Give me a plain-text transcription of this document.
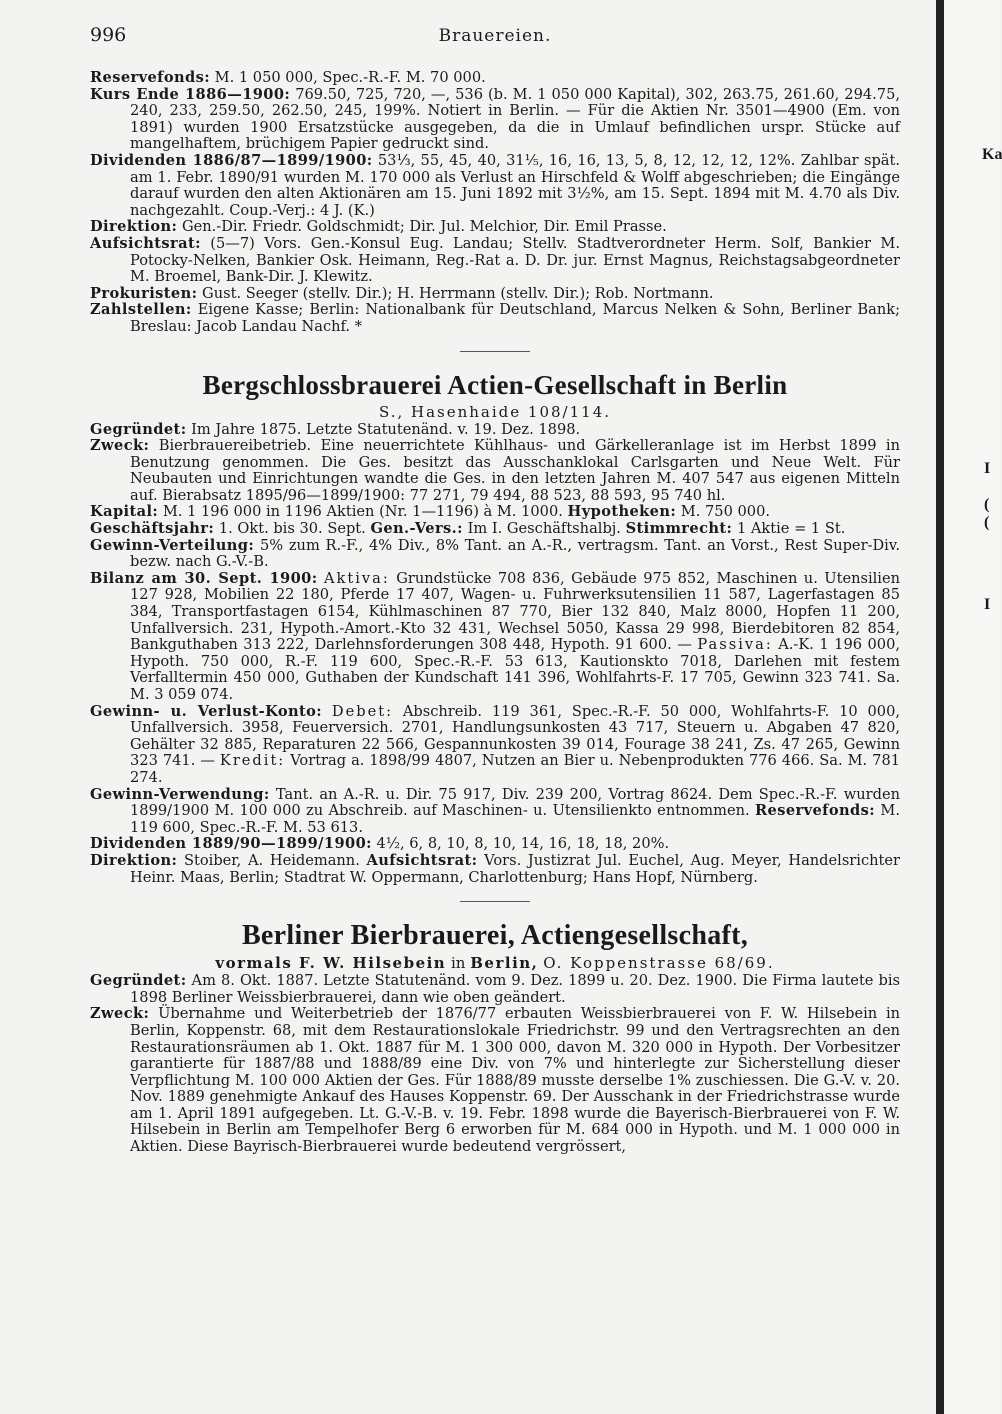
996	Brauereien.
Ka
I
(
(
I

Reservefonds: M. 1 050 000, Spec.-R.-F. M. 70 000.

Kurs Ende 1886—1900: 769.50, 725, 720, —, 536 (b. M. 1 050 000 Kapital), 302, 263.75, 261.60, 294.75, 240, 233, 259.50, 262.50, 245, 199%. Notiert in Berlin. — Für die Aktien Nr. 3501—4900 (Em. von 1891) wurden 1900 Ersatzstücke ausgegeben, da die in Umlauf befindlichen urspr. Stücke auf mangelhaftem, brüchigem Papier gedruckt sind.

Dividenden 1886/87—1899/1900: 53⅓, 55, 45, 40, 31⅕, 16, 16, 13, 5, 8, 12, 12, 12, 12%. Zahlbar spät. am 1. Febr. 1890/91 wurden M. 170 000 als Verlust an Hirschfeld & Wolff abgeschrieben; die Eingänge darauf wurden den alten Aktionären am 15. Juni 1892 mit 3½%, am 15. Sept. 1894 mit M. 4.70 als Div. nachgezahlt. Coup.-Verj.: 4 J. (K.)

Direktion: Gen.-Dir. Friedr. Goldschmidt; Dir. Jul. Melchior, Dir. Emil Prasse.

Aufsichtsrat: (5—7) Vors. Gen.-Konsul Eug. Landau; Stellv. Stadtverordneter Herm. Solf, Bankier M. Potocky-Nelken, Bankier Osk. Heimann, Reg.-Rat a. D. Dr. jur. Ernst Magnus, Reichstagsabgeordneter M. Broemel, Bank-Dir. J. Klewitz.

Prokuristen: Gust. Seeger (stellv. Dir.); H. Herrmann (stellv. Dir.); Rob. Nortmann.

Zahlstellen: Eigene Kasse; Berlin: Nationalbank für Deutschland, Marcus Nelken & Sohn, Berliner Bank; Breslau: Jacob Landau Nachf. *

Bergschlossbrauerei Actien-Gesellschaft in Berlin
S., Hasenhaide 108/114.

Gegründet: Im Jahre 1875. Letzte Statutenänd. v. 19. Dez. 1898.

Zweck: Bierbrauereibetrieb. Eine neuerrichtete Kühlhaus- und Gärkelleranlage ist im Herbst 1899 in Benutzung genommen. Die Ges. besitzt das Ausschanklokal Carlsgarten und Neue Welt. Für Neubauten und Einrichtungen wandte die Ges. in den letzten Jahren M. 407 547 aus eigenen Mitteln auf. Bierabsatz 1895/96—1899/1900: 77 271, 79 494, 88 523, 88 593, 95 740 hl.

Kapital: M. 1 196 000 in 1196 Aktien (Nr. 1—1196) à M. 1000. Hypotheken: M. 750 000.

Geschäftsjahr: 1. Okt. bis 30. Sept. Gen.-Vers.: Im I. Geschäftshalbj. Stimmrecht: 1 Aktie = 1 St.

Gewinn-Verteilung: 5% zum R.-F., 4% Div., 8% Tant. an A.-R., vertragsm. Tant. an Vorst., Rest Super-Div. bezw. nach G.-V.-B.

Bilanz am 30. Sept. 1900: Aktiva: Grundstücke 708 836, Gebäude 975 852, Maschinen u. Utensilien 127 928, Mobilien 22 180, Pferde 17 407, Wagen- u. Fuhrwerksutensilien 11 587, Lagerfastagen 85 384, Transportfastagen 6154, Kühlmaschinen 87 770, Bier 132 840, Malz 8000, Hopfen 11 200, Unfallversich. 231, Hypoth.-Amort.-Kto 32 431, Wechsel 5050, Kassa 29 998, Bierdebitoren 82 854, Bankguthaben 313 222, Darlehnsforderungen 308 448, Hypoth. 91 600. — Passiva: A.-K. 1 196 000, Hypoth. 750 000, R.-F. 119 600, Spec.-R.-F. 53 613, Kautionskto 7018, Darlehen mit festem Verfalltermin 450 000, Guthaben der Kundschaft 141 396, Wohlfahrts-F. 17 705, Gewinn 323 741. Sa. M. 3 059 074.

Gewinn- u. Verlust-Konto: Debet: Abschreib. 119 361, Spec.-R.-F. 50 000, Wohlfahrts-F. 10 000, Unfallversich. 3958, Feuerversich. 2701, Handlungsunkosten 43 717, Steuern u. Abgaben 47 820, Gehälter 32 885, Reparaturen 22 566, Gespannunkosten 39 014, Fourage 38 241, Zs. 47 265, Gewinn 323 741. — Kredit: Vortrag a. 1898/99 4807, Nutzen an Bier u. Nebenprodukten 776 466. Sa. M. 781 274.

Gewinn-Verwendung: Tant. an A.-R. u. Dir. 75 917, Div. 239 200, Vortrag 8624. Dem Spec.-R.-F. wurden 1899/1900 M. 100 000 zu Abschreib. auf Maschinen- u. Utensilienkto entnommen. Reservefonds: M. 119 600, Spec.-R.-F. M. 53 613.

Dividenden 1889/90—1899/1900: 4½, 6, 8, 10, 8, 10, 14, 16, 18, 18, 20%.

Direktion: Stoiber, A. Heidemann. Aufsichtsrat: Vors. Justizrat Jul. Euchel, Aug. Meyer, Handelsrichter Heinr. Maas, Berlin; Stadtrat W. Oppermann, Charlottenburg; Hans Hopf, Nürnberg.

Berliner Bierbrauerei, Actiengesellschaft,
vormals F. W. Hilsebein in Berlin, O. Koppenstrasse 68/69.

Gegründet: Am 8. Okt. 1887. Letzte Statutenänd. vom 9. Dez. 1899 u. 20. Dez. 1900. Die Firma lautete bis 1898 Berliner Weissbierbrauerei, dann wie oben geändert.

Zweck: Übernahme und Weiterbetrieb der 1876/77 erbauten Weissbierbrauerei von F. W. Hilsebein in Berlin, Koppenstr. 68, mit dem Restaurationslokale Friedrichstr. 99 und den Vertragsrechten an den Restaurationsräumen ab 1. Okt. 1887 für M. 1 300 000, davon M. 320 000 in Hypoth. Der Vorbesitzer garantierte für 1887/88 und 1888/89 eine Div. von 7% und hinterlegte zur Sicherstellung dieser Verpflichtung M. 100 000 Aktien der Ges. Für 1888/89 musste derselbe 1% zuschiessen. Die G.-V. v. 20. Nov. 1889 genehmigte Ankauf des Hauses Koppenstr. 69. Der Ausschank in der Friedrichstrasse wurde am 1. April 1891 aufgegeben. Lt. G.-V.-B. v. 19. Febr. 1898 wurde die Bayerisch-Bierbrauerei von F. W. Hilsebein in Berlin am Tempelhofer Berg 6 erworben für M. 684 000 in Hypoth. und M. 1 000 000 in Aktien. Diese Bayrisch-Bierbrauerei wurde bedeutend vergrössert,
